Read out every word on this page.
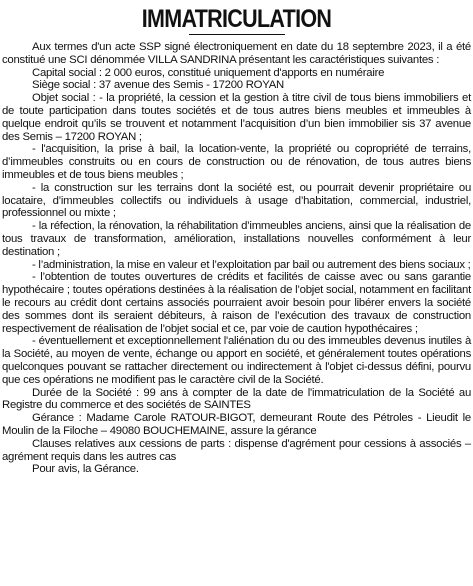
IMMATRICULATION

Aux termes d'un acte SSP signé électroniquement en date du 18 septembre 2023, il a été constitué une SCI dénommée VILLA SANDRINA présentant les caractéristiques suivantes :

Capital social : 2 000 euros, constitué uniquement d'apports en numéraire

Siège social : 37 avenue des Semis - 17200 ROYAN

Objet social : - la propriété, la cession et la gestion à titre civil de tous biens immobiliers et de toute participation dans toutes sociétés et de tous autres biens meubles et immeubles à quelque endroit qu’ils se trouvent et notamment l’acquisition d’un bien immobilier sis 37 avenue des Semis – 17200 ROYAN ;

- l'acquisition, la prise à bail, la location-vente, la propriété ou copropriété de terrains, d’immeubles construits ou en cours de construction ou de rénovation, de tous autres biens immeubles et de tous biens meubles ;

- la construction sur les terrains dont la société est, ou pourrait devenir propriétaire ou locataire, d’immeubles collectifs ou individuels à usage d’habitation, commercial, industriel, professionnel ou mixte ;

- la réfection, la rénovation, la réhabilitation d’immeubles anciens, ainsi que la réalisation de tous travaux de transformation, amélioration, installations nouvelles conformément à leur destination ;

- l’administration, la mise en valeur et l’exploitation par bail ou autrement des biens sociaux ;

- l’obtention de toutes ouvertures de crédits et facilités de caisse avec ou sans garantie hypothécaire ; toutes opérations destinées à la réalisation de l’objet social, notamment en facilitant le recours au crédit dont certains associés pourraient avoir besoin pour libérer envers la société des sommes dont ils seraient débiteurs, à raison de l’exécution des travaux de construction respectivement de réalisation de l’objet social et ce, par voie de caution hypothécaires ;

- éventuellement et exceptionnellement l'aliénation du ou des immeubles devenus inutiles à la Société, au moyen de vente, échange ou apport en société, et généralement toutes opérations quelconques pouvant se rattacher directement ou indirectement à l'objet ci-dessus défini, pourvu que ces opérations ne modifient pas le caractère civil de la Société.

Durée de la Société : 99 ans à compter de la date de l'immatriculation de la Société au Registre du commerce et des sociétés de SAINTES

Gérance : Madame Carole RATOUR-BIGOT, demeurant Route des Pétroles - Lieudit le Moulin de la Filoche – 49080 BOUCHEMAINE, assure la gérance

Clauses relatives aux cessions de parts : dispense d'agrément pour cessions à associés – agrément requis dans les autres cas

Pour avis, la Gérance.
